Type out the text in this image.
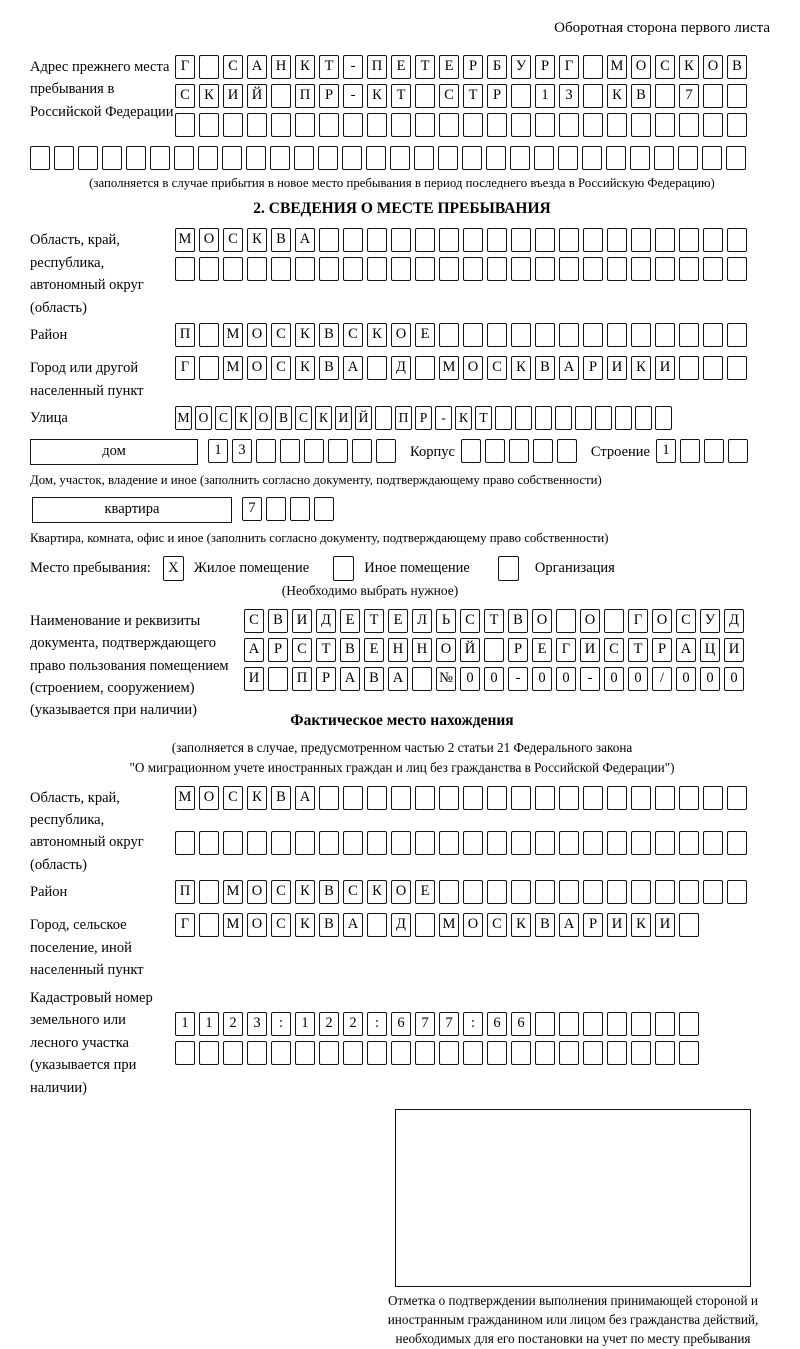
Оборотная сторона первого листа
Адрес прежнего места пребывания в Российской Федерации
Г	С А Н К	Т	-	П Е	Т	Е	Р	Б	У	Р	Г	М О С К О В
С К И Й	П	Р	-	К	Т	С	Т	Р	1	3	К В	7
(заполняется в случае прибытия в новое место пребывания в период последнего въезда в Российскую Федерацию)
2. СВЕДЕНИЯ О МЕСТЕ ПРЕБЫВАНИЯ
Область, край, республика, автономный округ (область)
М О С К В А
Район	П	М О С К В С К О Е
Город или другой населенный пункт
Г	М О С К В А	Д	М О С К В А	Р	И К И
Улица	М О С К О В С К И Й П Р	- К Т
дом	1	3	Корпус	Строение 1
Дом, участок, владение и иное (заполнить согласно документу, подтверждающему право собственности)
квартира	7
Квартира, комната, офис и иное (заполнить согласно документу, подтверждающему право собственности)
Место пребывания:	X	Жилое помещение	Иное помещение	Организация
(Необходимо выбрать нужное)
Наименование и реквизиты документа, подтверждающего право пользования помещением (строением, сооружением) (указывается при наличии)
С В И Д	Е	Т	Е	Л	Ь	С	Т	В О	О	Г	О С У Д
А	Р	С	Т	В	Е Н Н О Й	Р	Е	Г	И С	Т	Р	А Ц И
И	П	Р	А В А	№ 0	0	-	0	0	-	0	0	/	0	0	0
Фактическое место нахождения
(заполняется в случае, предусмотренном частью 2 статьи 21 Федерального закона
"О миграционном учете иностранных граждан и лиц без гражданства в Российской Федерации")
Область, край, республика, автономный округ (область)
М О С К В А
Район	П	М О С К В С К О Е
Город, сельское поселение, иной населенный пункт
Г	М О С К В А	Д	М О С К В А	Р	И К И
Кадастровый номер земельного или лесного участка (указывается при наличии)
1	1	2	3	:	1	2	2	:	6	7	7	:	6	6
Отметка о подтверждении выполнения принимающей стороной и иностранным гражданином или лицом без гражданства действий, необходимых для его постановки на учет по месту пребывания
